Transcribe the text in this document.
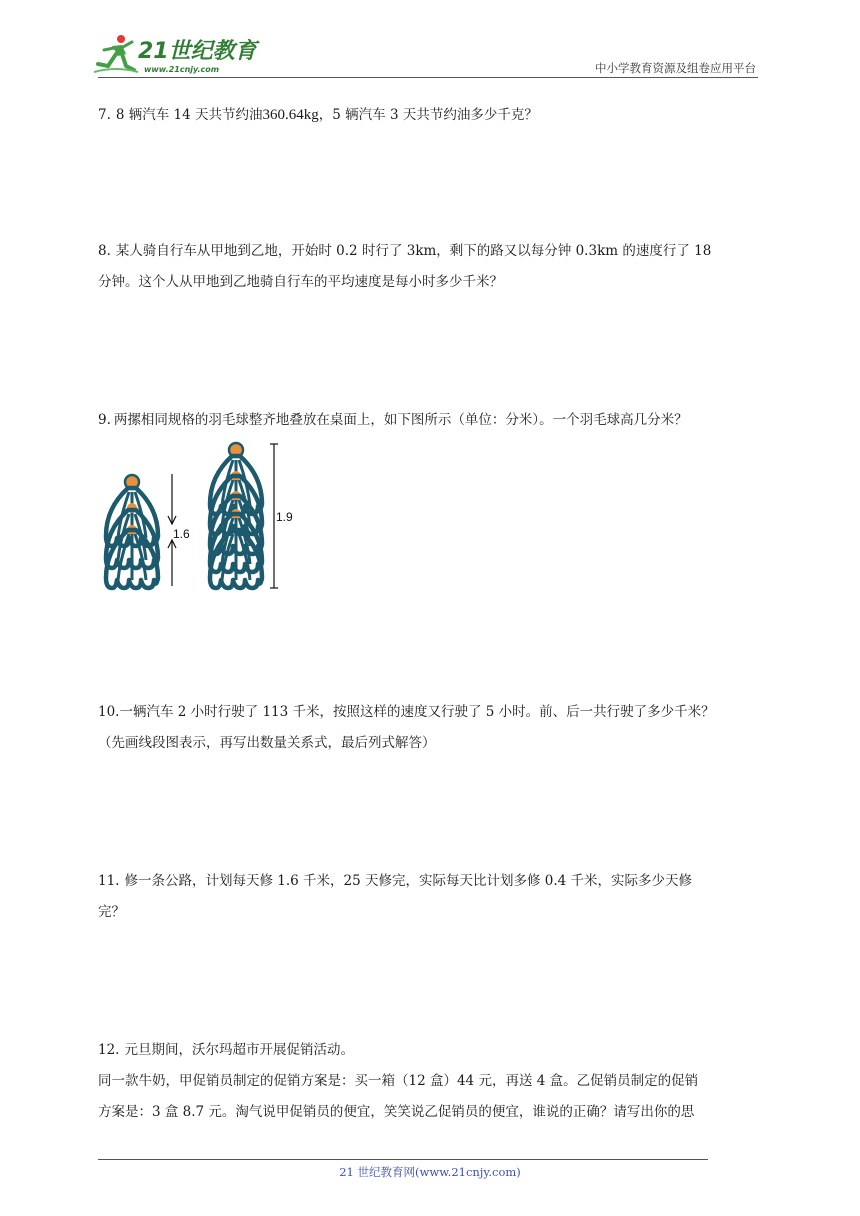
21世纪教育
www.21cnjy.com	中小学教育资源及组卷应用平台

7. 8 辆汽车 14 天共节约油360.64kg，5 辆汽车 3 天共节约油多少千克？

8. 某人骑自行车从甲地到乙地，开始时 0.2 时行了 3km，剩下的路又以每分钟 0.3km 的速度行了 18

分钟。这个人从甲地到乙地骑自行车的平均速度是每小时多少千米？

9. 两摞相同规格的羽毛球整齐地叠放在桌面上，如下图所示（单位：分米）。一个羽毛球高几分米？

1.6
1.9

10.一辆汽车 2 小时行驶了 113 千米，按照这样的速度又行驶了 5 小时。前、后一共行驶了多少千米？

（先画线段图表示，再写出数量关系式，最后列式解答）

11. 修一条公路，计划每天修 1.6 千米，25 天修完，实际每天比计划多修 0.4 千米，实际多少天修

完？

12. 元旦期间，沃尔玛超市开展促销活动。

同一款牛奶，甲促销员制定的促销方案是：买一箱（12 盒）44 元，再送 4 盒。乙促销员制定的促销

方案是：3 盒 8.7 元。淘气说甲促销员的便宜，笑笑说乙促销员的便宜，谁说的正确？请写出你的思

21 世纪教育网(www.21cnjy.com)
